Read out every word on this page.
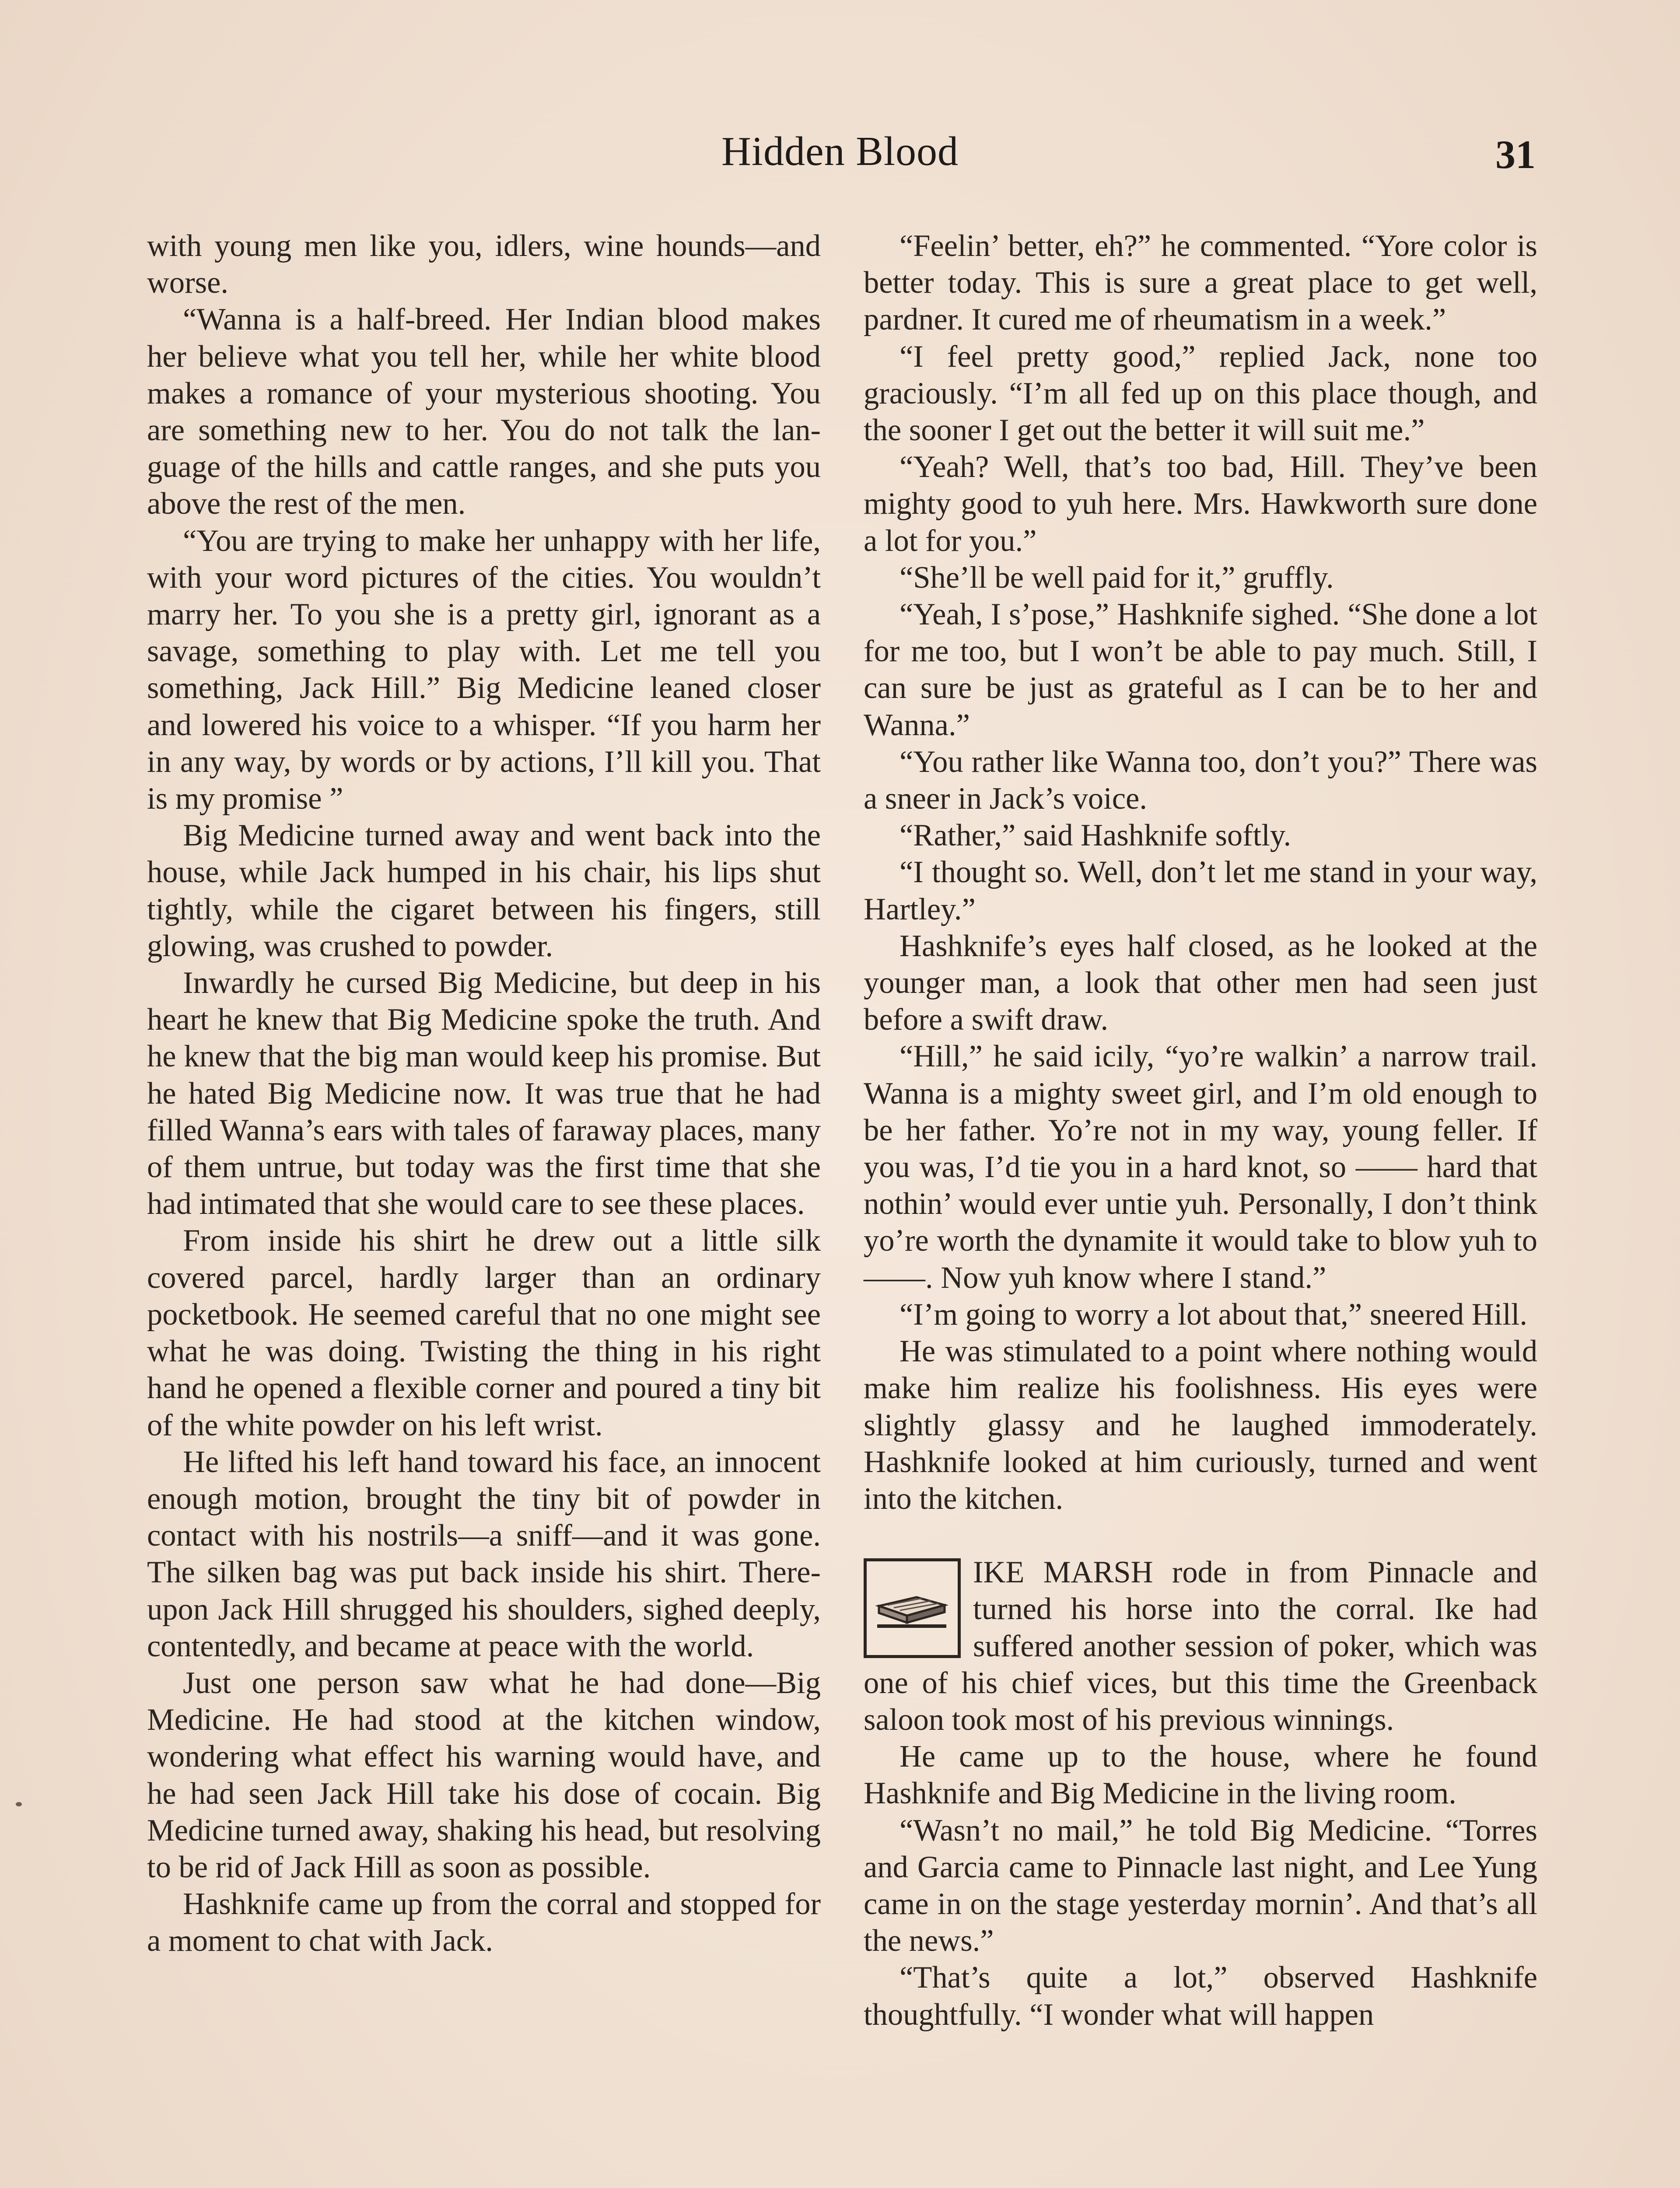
Hidden Blood	31

with young men like you, idlers, wine hounds—and worse.

“Wanna is a half-breed. Her Indian blood makes her believe what you tell her, while her white blood makes a romance of your mysterious shooting. You are something new to her. You do not talk the language of the hills and cattle ranges, and she puts you above the rest of the men.

“You are trying to make her unhappy with her life, with your word pictures of the cities. You wouldn’t marry her. To you she is a pretty girl, ignorant as a savage, something to play with. Let me tell you something, Jack Hill.” Big Medicine leaned closer and lowered his voice to a whisper. “If you harm her in any way, by words or by actions, I’ll kill you. That is my promise ”

Big Medicine turned away and went back into the house, while Jack humped in his chair, his lips shut tightly, while the cigaret between his fingers, still glowing, was crushed to powder.

Inwardly he cursed Big Medicine, but deep in his heart he knew that Big Medicine spoke the truth. And he knew that the big man would keep his promise. But he hated Big Medicine now. It was true that he had filled Wanna’s ears with tales of faraway places, many of them untrue, but today was the first time that she had intimated that she would care to see these places.

From inside his shirt he drew out a little silk covered parcel, hardly larger than an ordinary pocketbook. He seemed careful that no one might see what he was doing. Twisting the thing in his right hand he opened a flexible corner and poured a tiny bit of the white powder on his left wrist.

He lifted his left hand toward his face, an innocent enough motion, brought the tiny bit of powder in contact with his nostrils—a sniff—and it was gone. The silken bag was put back inside his shirt. Thereupon Jack Hill shrugged his shoulders, sighed deeply, contentedly, and became at peace with the world.

Just one person saw what he had done—Big Medicine. He had stood at the kitchen window, wondering what effect his warning would have, and he had seen Jack Hill take his dose of cocain. Big Medicine turned away, shaking his head, but resolving to be rid of Jack Hill as soon as possible.

Hashknife came up from the corral and stopped for a moment to chat with Jack.

“Feelin’ better, eh?” he commented. “Yore color is better today. This is sure a great place to get well, pardner. It cured me of rheumatism in a week.”

“I feel pretty good,” replied Jack, none too graciously. “I’m all fed up on this place though, and the sooner I get out the better it will suit me.”

“Yeah? Well, that’s too bad, Hill. They’ve been mighty good to yuh here. Mrs. Hawkworth sure done a lot for you.”

“She’ll be well paid for it,” gruffly.

“Yeah, I s’pose,” Hashknife sighed. “She done a lot for me too, but I won’t be able to pay much. Still, I can sure be just as grateful as I can be to her and Wanna.”

“You rather like Wanna too, don’t you?” There was a sneer in Jack’s voice.

“Rather,” said Hashknife softly.

“I thought so. Well, don’t let me stand in your way, Hartley.”

Hashknife’s eyes half closed, as he looked at the younger man, a look that other men had seen just before a swift draw.

“Hill,” he said icily, “yo’re walkin’ a narrow trail. Wanna is a mighty sweet girl, and I’m old enough to be her father. Yo’re not in my way, young feller. If you was, I’d tie you in a hard knot, so —— hard that nothin’ would ever untie yuh. Personally, I don’t think yo’re worth the dynamite it would take to blow yuh to ——. Now yuh know where I stand.”

“I’m going to worry a lot about that,” sneered Hill.

He was stimulated to a point where nothing would make him realize his foolishness. His eyes were slightly glassy and he laughed immoderately. Hashknife looked at him curiously, turned and went into the kitchen.

IKE MARSH rode in from Pinnacle and turned his horse into the corral. Ike had suffered another session of poker, which was one of his chief vices, but this time the Greenback saloon took most of his previous winnings.

He came up to the house, where he found Hashknife and Big Medicine in the living room.

“Wasn’t no mail,” he told Big Medicine. “Torres and Garcia came to Pinnacle last night, and Lee Yung came in on the stage yesterday mornin’. And that’s all the news.”

“That’s quite a lot,” observed Hashknife thoughtfully. “I wonder what will happen
